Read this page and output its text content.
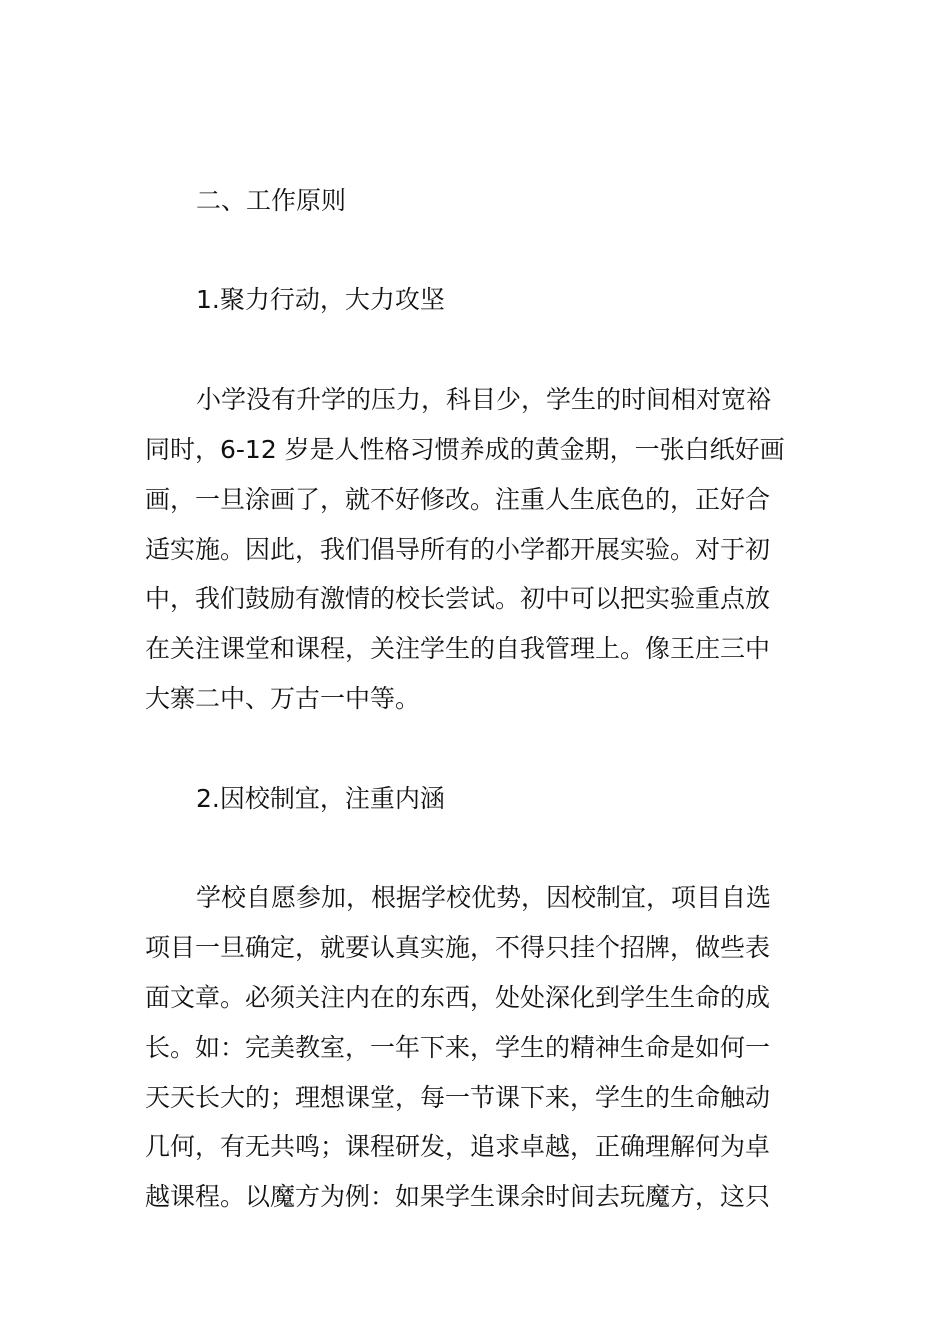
二、工作原则
1.聚力行动，大力攻坚
小学没有升学的压力，科目少，学生的时间相对宽裕
同时，6-12 岁是人性格习惯养成的黄金期，一张白纸好画
画，一旦涂画了，就不好修改。注重人生底色的，正好合
适实施。因此，我们倡导所有的小学都开展实验。对于初
中，我们鼓励有激情的校长尝试。初中可以把实验重点放
在关注课堂和课程，关注学生的自我管理上。像王庄三中
大寨二中、万古一中等。
2.因校制宜，注重内涵
学校自愿参加，根据学校优势，因校制宜，项目自选
项目一旦确定，就要认真实施，不得只挂个招牌，做些表
面文章。必须关注内在的东西，处处深化到学生生命的成
长。如：完美教室，一年下来，学生的精神生命是如何一
天天长大的；理想课堂，每一节课下来，学生的生命触动
几何，有无共鸣；课程研发，追求卓越，正确理解何为卓
越课程。以魔方为例：如果学生课余时间去玩魔方，这只
